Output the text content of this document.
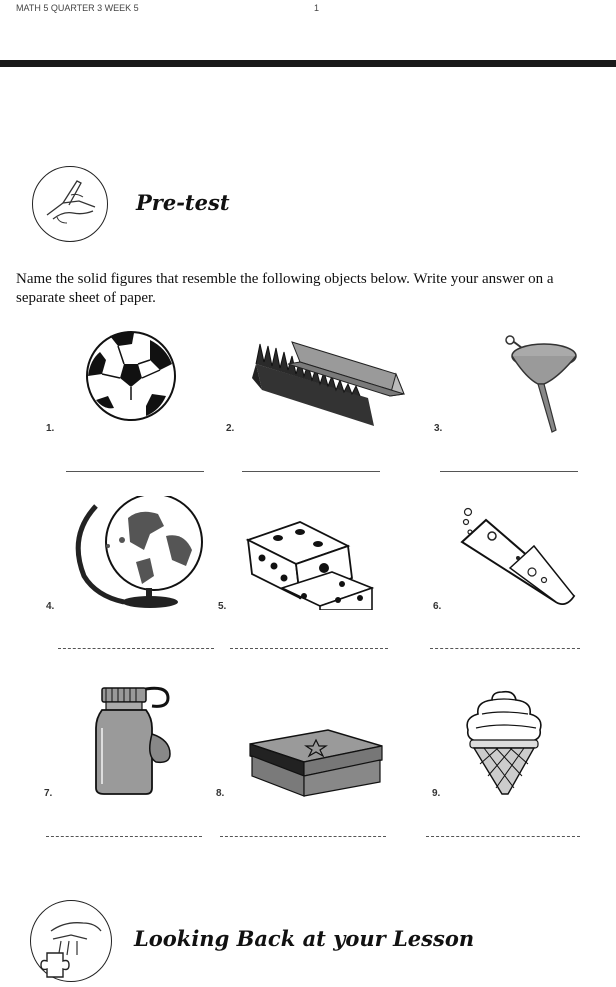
MATH 5 QUARTER 3 WEEK 5	1
Pre-test
Name the solid figures that resemble the following objects below. Write your answer on a separate sheet of paper.
1.	2.	3.
4.	5.	6.
7.	8.	9.
Looking Back at your Lesson
